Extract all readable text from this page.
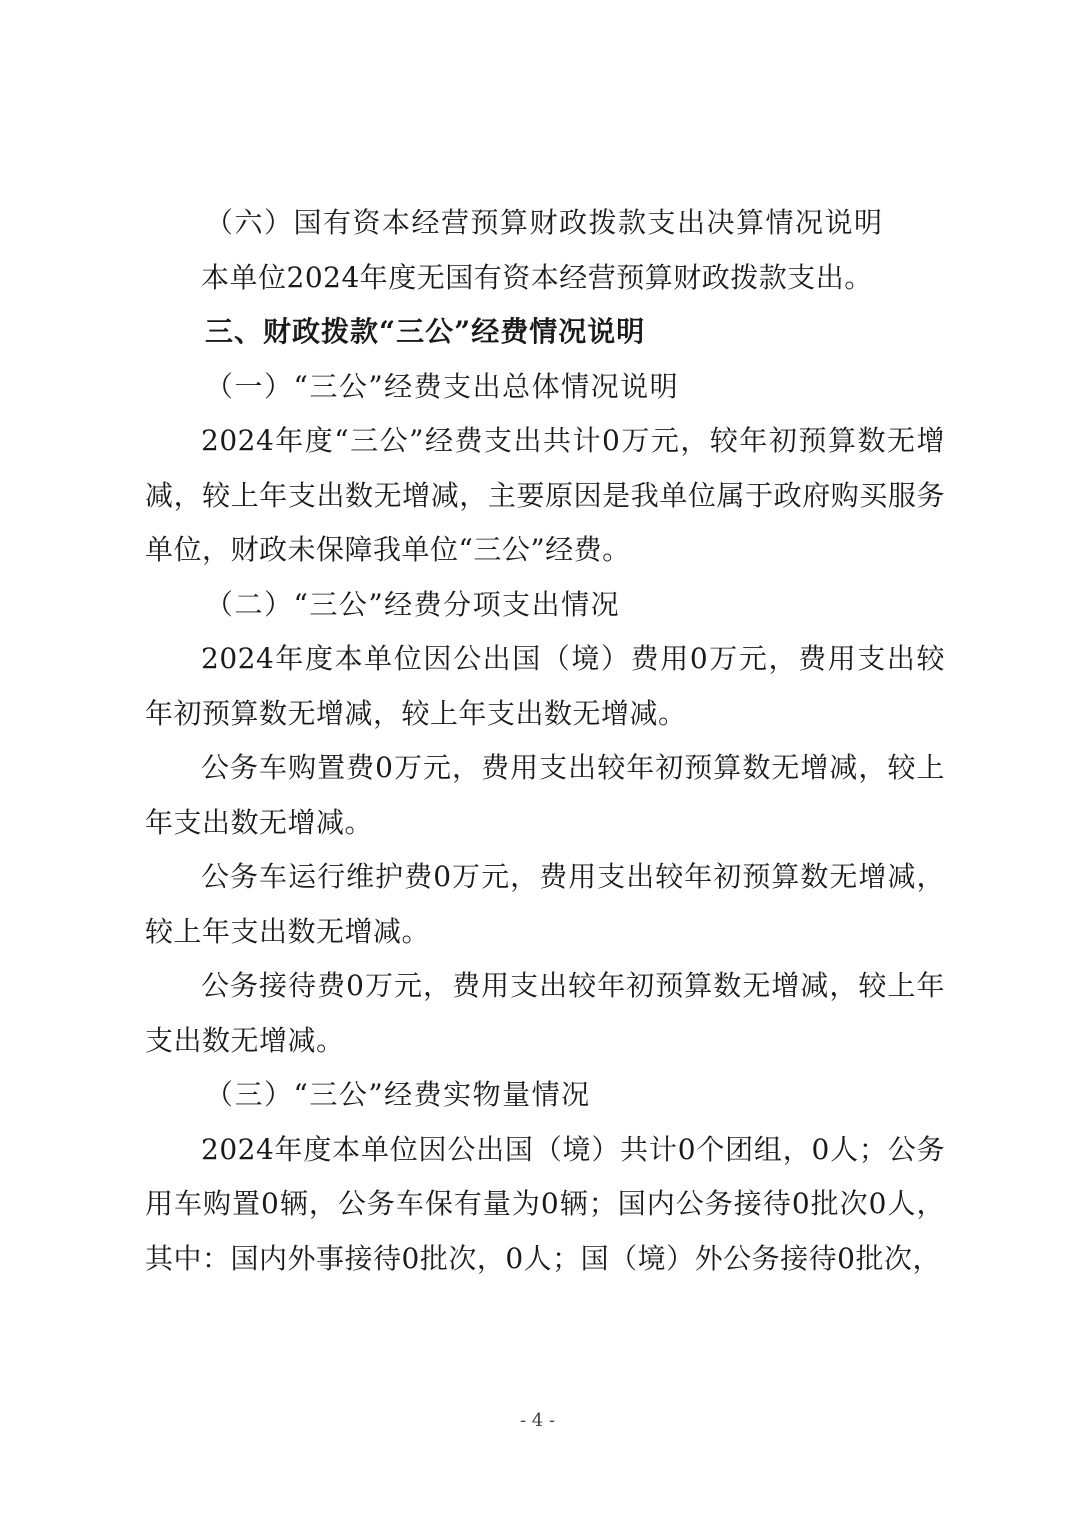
（六）国有资本经营预算财政拨款支出决算情况说明

本单位2024年度无国有资本经营预算财政拨款支出。

三、财政拨款“三公”经费情况说明

（一）“三公”经费支出总体情况说明

2024年度“三公”经费支出共计0万元，较年初预算数无增减，较上年支出数无增减，主要原因是我单位属于政府购买服务单位，财政未保障我单位“三公”经费。

（二）“三公”经费分项支出情况

2024年度本单位因公出国（境）费用0万元，费用支出较年初预算数无增减，较上年支出数无增减。

公务车购置费0万元，费用支出较年初预算数无增减，较上年支出数无增减。

公务车运行维护费0万元，费用支出较年初预算数无增减，较上年支出数无增减。

公务接待费0万元，费用支出较年初预算数无增减，较上年支出数无增减。

（三）“三公”经费实物量情况

2024年度本单位因公出国（境）共计0个团组，0人；公务用车购置0辆，公务车保有量为0辆；国内公务接待0批次0人，其中：国内外事接待0批次，0人；国（境）外公务接待0批次，

- 4 -
